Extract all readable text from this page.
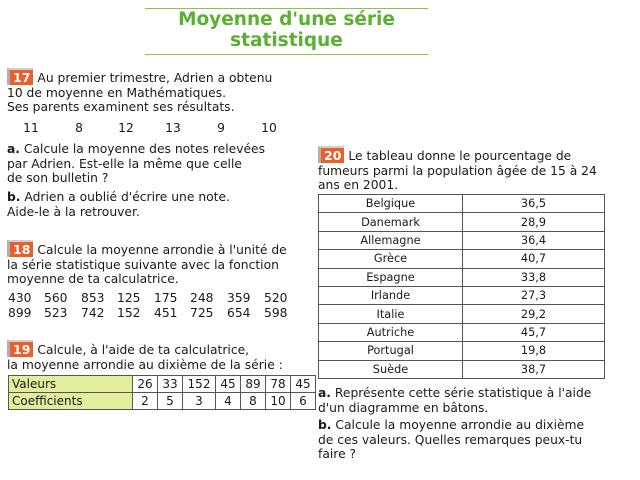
Moyenne d'une série
statistique
17 Au premier trimestre, Adrien a obtenu
10 de moyenne en Mathématiques.
Ses parents examinent ses résultats.
11	8	12	13	9	10
a. Calcule la moyenne des notes relevées
par Adrien. Est-elle la même que celle
de son bulletin ?
b. Adrien a oublié d'écrire une note.
Aide-le à la retrouver.
18 Calcule la moyenne arrondie à l'unité de
la série statistique suivante avec la fonction
moyenne de ta calculatrice.
430	560	853	125	175	248	359	520
899	523	742	152	451	725	654	598
19 Calcule, à l'aide de ta calculatrice,
la moyenne arrondie au dixième de la série :
Valeurs	26	33	152	45	89	78	45
Coefficients	2	5	3	4	8	10	6
20 Le tableau donne le pourcentage de
fumeurs parmi la population âgée de 15 à 24
ans en 2001.
Belgique	36,5
Danemark	28,9
Allemagne	36,4
Grèce	40,7
Espagne	33,8
Irlande	27,3
Italie	29,2
Autriche	45,7
Portugal	19,8
Suède	38,7
a. Représente cette série statistique à l'aide
d'un diagramme en bâtons.
b. Calcule la moyenne arrondie au dixième
de ces valeurs. Quelles remarques peux-tu
faire ?
